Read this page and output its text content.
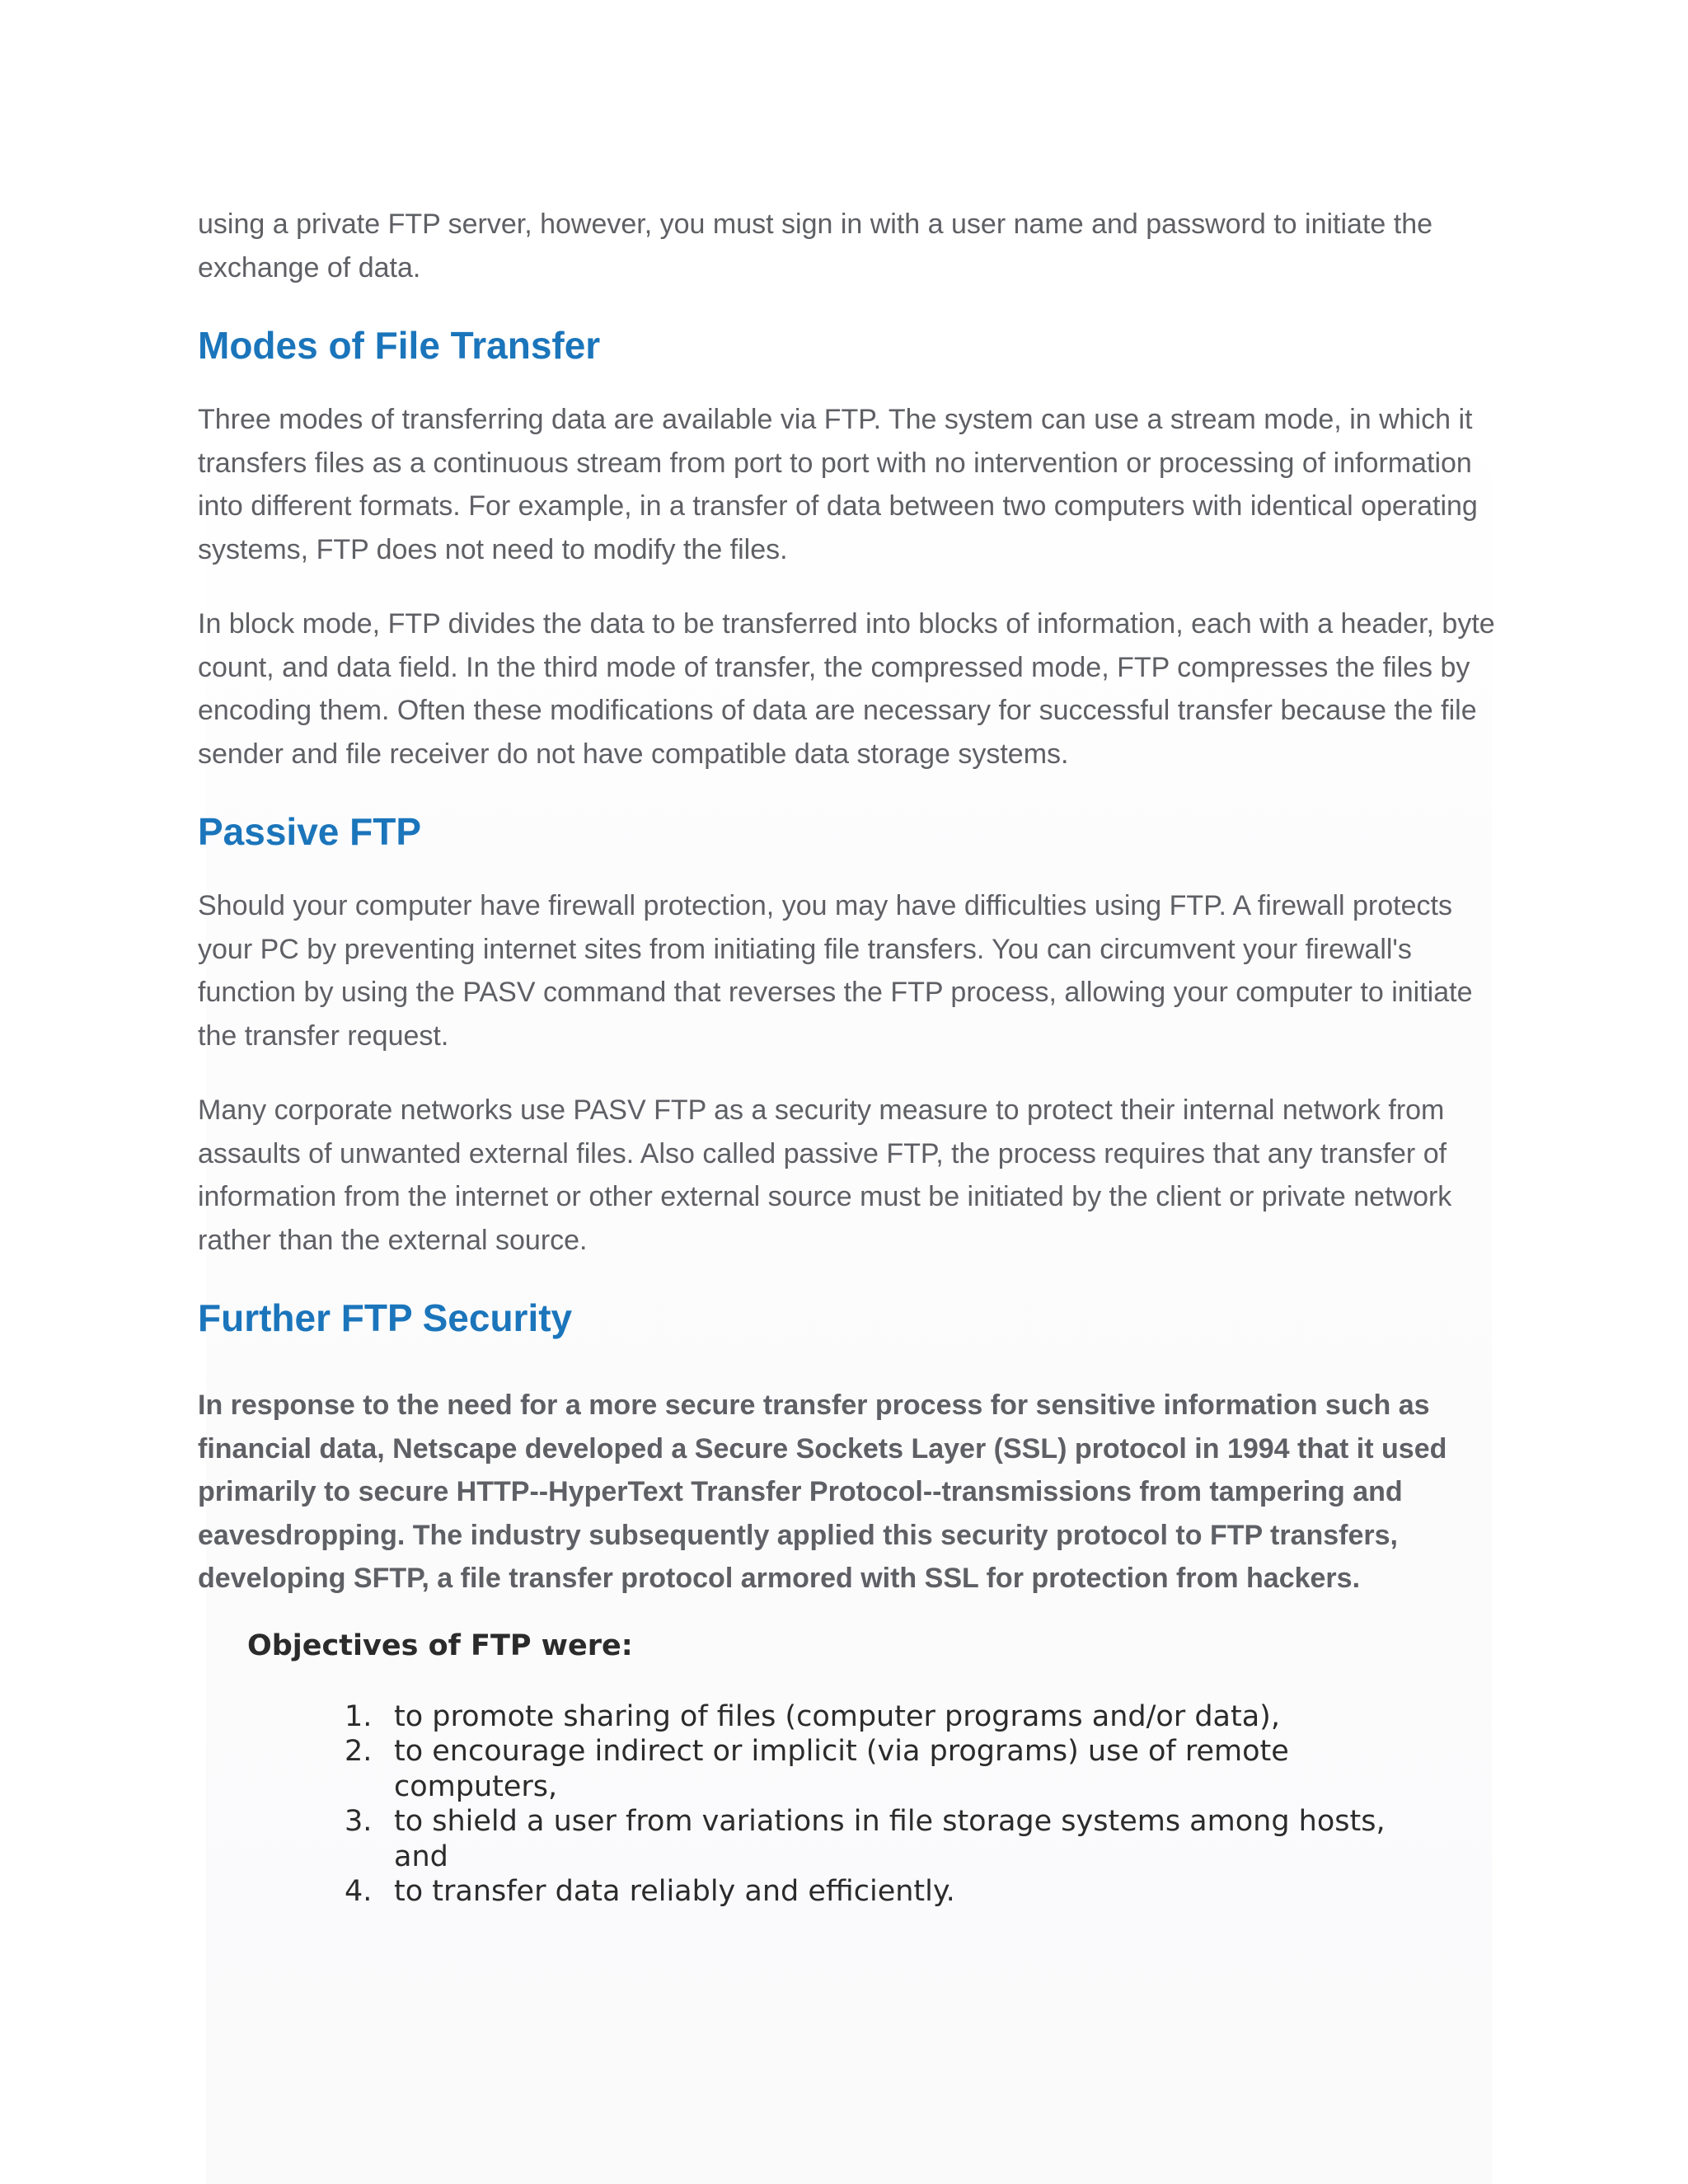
using a private FTP server, however, you must sign in with a user name and password to initiate the exchange of data.

Modes of File Transfer

Three modes of transferring data are available via FTP. The system can use a stream mode, in which it transfers files as a continuous stream from port to port with no intervention or processing of information into different formats. For example, in a transfer of data between two computers with identical operating systems, FTP does not need to modify the files.

In block mode, FTP divides the data to be transferred into blocks of information, each with a header, byte count, and data field. In the third mode of transfer, the compressed mode, FTP compresses the files by encoding them. Often these modifications of data are necessary for successful transfer because the file sender and file receiver do not have compatible data storage systems.

Passive FTP

Should your computer have firewall protection, you may have difficulties using FTP. A firewall protects your PC by preventing internet sites from initiating file transfers. You can circumvent your firewall's function by using the PASV command that reverses the FTP process, allowing your computer to initiate the transfer request.

Many corporate networks use PASV FTP as a security measure to protect their internal network from assaults of unwanted external files. Also called passive FTP, the process requires that any transfer of information from the internet or other external source must be initiated by the client or private network rather than the external source.

Further FTP Security

In response to the need for a more secure transfer process for sensitive information such as financial data, Netscape developed a Secure Sockets Layer (SSL) protocol in 1994 that it used primarily to secure HTTP--HyperText Transfer Protocol--transmissions from tampering and eavesdropping. The industry subsequently applied this security protocol to FTP transfers, developing SFTP, a file transfer protocol armored with SSL for protection from hackers.

Objectives of FTP were:
1. to promote sharing of files (computer programs and/or data),
2. to encourage indirect or implicit (via programs) use of remote computers,
3. to shield a user from variations in file storage systems among hosts, and
4. to transfer data reliably and efficiently.
